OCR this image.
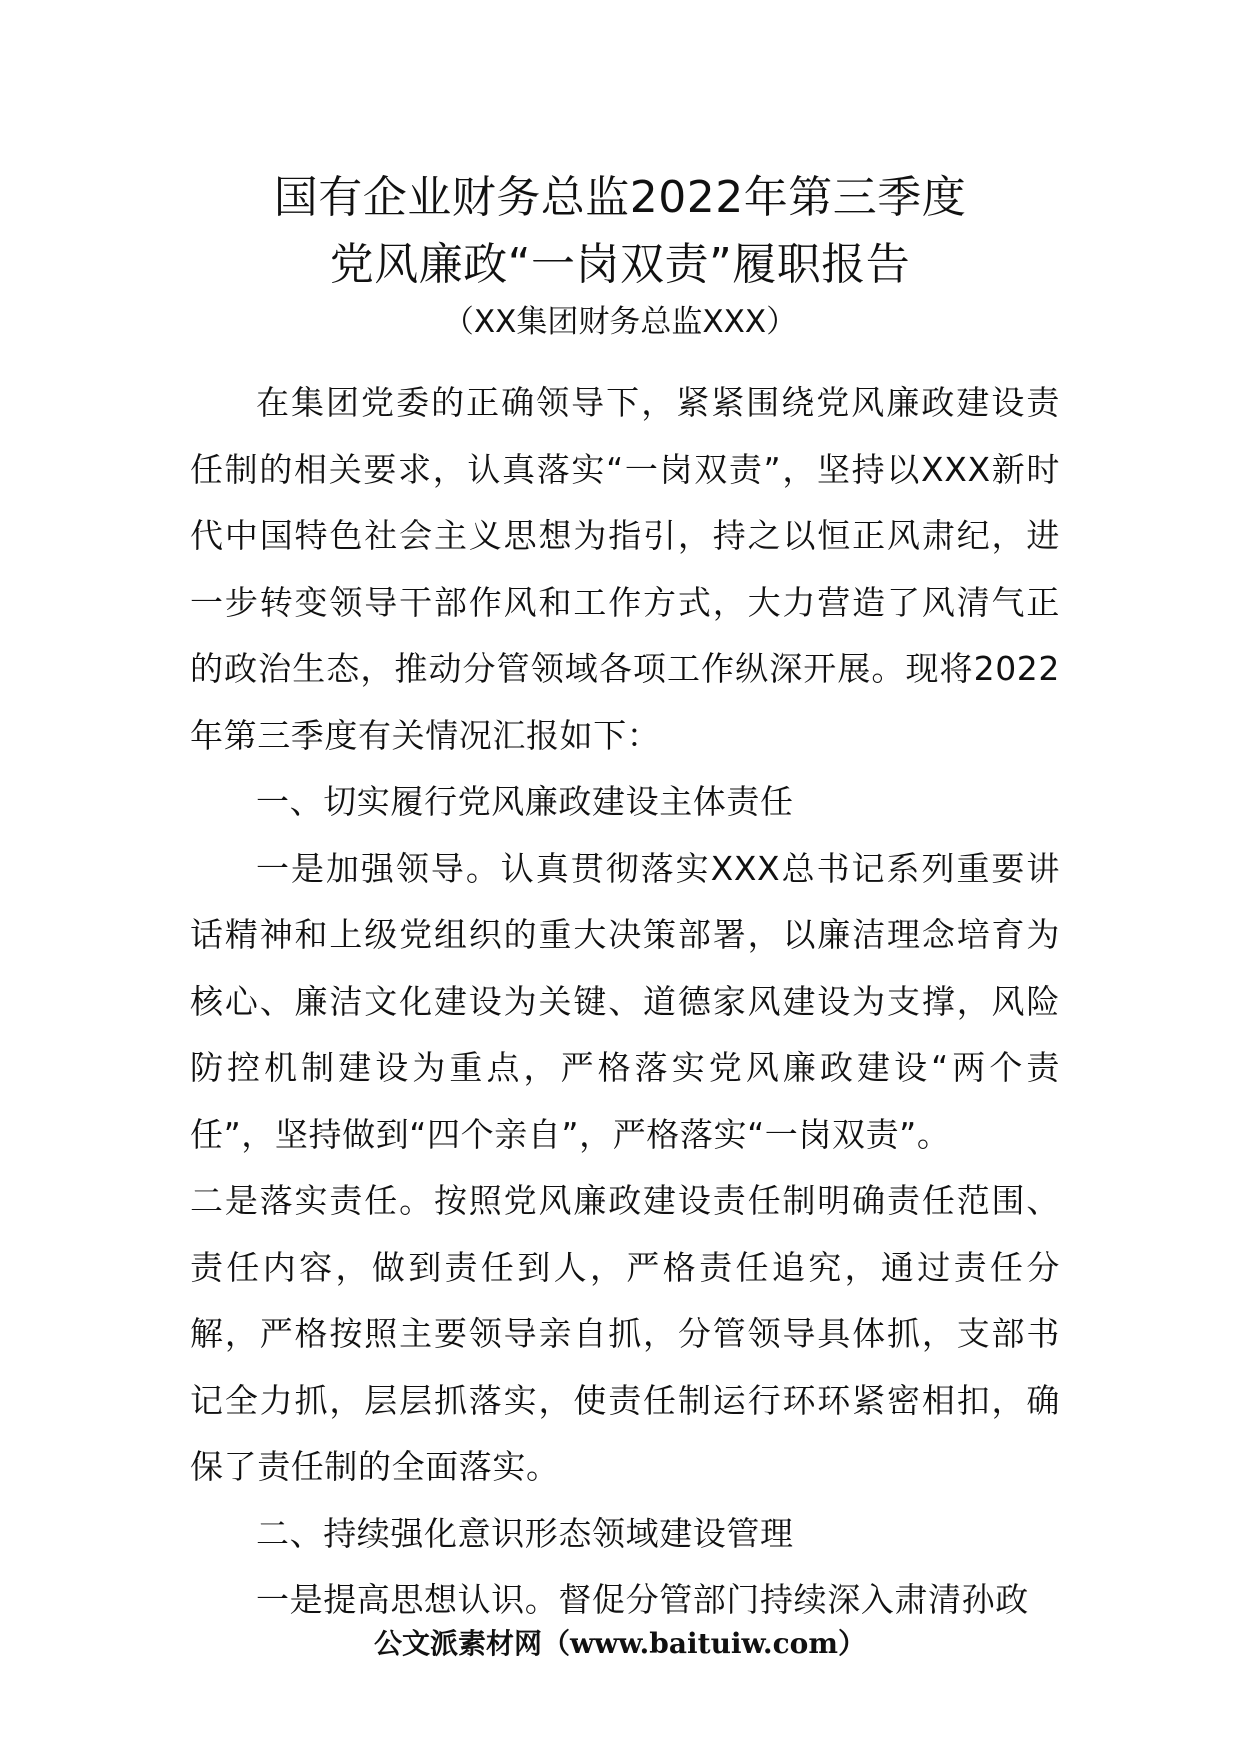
国有企业财务总监2022年第三季度
党风廉政“一岗双责”履职报告
（XX集团财务总监XXX）

在集团党委的正确领导下，紧紧围绕党风廉政建设责任制的相关要求，认真落实“一岗双责”，坚持以XXX新时代中国特色社会主义思想为指引，持之以恒正风肃纪，进一步转变领导干部作风和工作方式，大力营造了风清气正的政治生态，推动分管领域各项工作纵深开展。现将2022年第三季度有关情况汇报如下：

一、切实履行党风廉政建设主体责任

一是加强领导。认真贯彻落实XXX总书记系列重要讲话精神和上级党组织的重大决策部署，以廉洁理念培育为核心、廉洁文化建设为关键、道德家风建设为支撑，风险防控机制建设为重点，严格落实党风廉政建设“两个责任”，坚持做到“四个亲自”，严格落实“一岗双责”。

二是落实责任。按照党风廉政建设责任制明确责任范围、责任内容，做到责任到人，严格责任追究，通过责任分解，严格按照主要领导亲自抓，分管领导具体抓，支部书记全力抓，层层抓落实，使责任制运行环环紧密相扣，确保了责任制的全面落实。

二、持续强化意识形态领域建设管理

一是提高思想认识。督促分管部门持续深入肃清孙政

公文派素材网（www.baituiw.com）
